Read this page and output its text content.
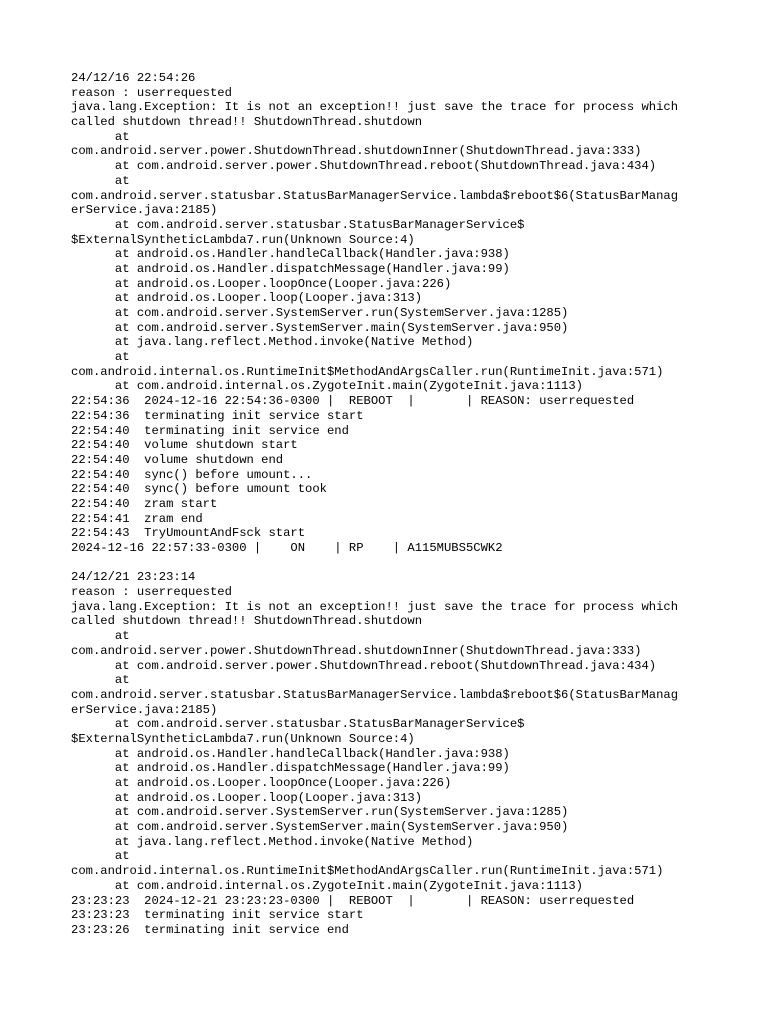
24/12/16 22:54:26
reason : userrequested
java.lang.Exception: It is not an exception!! just save the trace for process which
called shutdown thread!! ShutdownThread.shutdown
at
com.android.server.power.ShutdownThread.shutdownInner(ShutdownThread.java:333)
at com.android.server.power.ShutdownThread.reboot(ShutdownThread.java:434)
at
com.android.server.statusbar.StatusBarManagerService.lambda$reboot$6(StatusBarManag
erService.java:2185)
at com.android.server.statusbar.StatusBarManagerService$
$ExternalSyntheticLambda7.run(Unknown Source:4)
at android.os.Handler.handleCallback(Handler.java:938)
at android.os.Handler.dispatchMessage(Handler.java:99)
at android.os.Looper.loopOnce(Looper.java:226)
at android.os.Looper.loop(Looper.java:313)
at com.android.server.SystemServer.run(SystemServer.java:1285)
at com.android.server.SystemServer.main(SystemServer.java:950)
at java.lang.reflect.Method.invoke(Native Method)
at
com.android.internal.os.RuntimeInit$MethodAndArgsCaller.run(RuntimeInit.java:571)
at com.android.internal.os.ZygoteInit.main(ZygoteInit.java:1113)
22:54:36  2024-12-16 22:54:36-0300 |  REBOOT  |       | REASON: userrequested
22:54:36  terminating init service start
22:54:40  terminating init service end
22:54:40  volume shutdown start
22:54:40  volume shutdown end
22:54:40  sync() before umount...
22:54:40  sync() before umount took
22:54:40  zram start
22:54:41  zram end
22:54:43  TryUmountAndFsck start
2024-12-16 22:57:33-0300 |    ON    | RP    | A115MUBS5CWK2
24/12/21 23:23:14
reason : userrequested
java.lang.Exception: It is not an exception!! just save the trace for process which
called shutdown thread!! ShutdownThread.shutdown
at
com.android.server.power.ShutdownThread.shutdownInner(ShutdownThread.java:333)
at com.android.server.power.ShutdownThread.reboot(ShutdownThread.java:434)
at
com.android.server.statusbar.StatusBarManagerService.lambda$reboot$6(StatusBarManag
erService.java:2185)
at com.android.server.statusbar.StatusBarManagerService$
$ExternalSyntheticLambda7.run(Unknown Source:4)
at android.os.Handler.handleCallback(Handler.java:938)
at android.os.Handler.dispatchMessage(Handler.java:99)
at android.os.Looper.loopOnce(Looper.java:226)
at android.os.Looper.loop(Looper.java:313)
at com.android.server.SystemServer.run(SystemServer.java:1285)
at com.android.server.SystemServer.main(SystemServer.java:950)
at java.lang.reflect.Method.invoke(Native Method)
at
com.android.internal.os.RuntimeInit$MethodAndArgsCaller.run(RuntimeInit.java:571)
at com.android.internal.os.ZygoteInit.main(ZygoteInit.java:1113)
23:23:23  2024-12-21 23:23:23-0300 |  REBOOT  |       | REASON: userrequested
23:23:23  terminating init service start
23:23:26  terminating init service end
